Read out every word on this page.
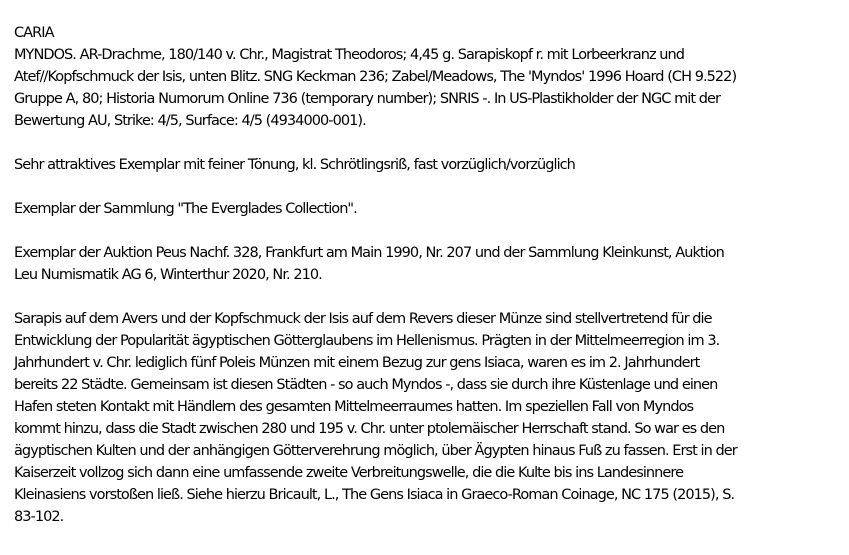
CARIA

MYNDOS. AR-Drachme, 180/140 v. Chr., Magistrat Theodoros; 4,45 g. Sarapiskopf r. mit Lorbeerkranz und
Atef//Kopfschmuck der Isis, unten Blitz. SNG Keckman 236; Zabel/Meadows, The 'Myndos' 1996 Hoard (CH 9.522)
Gruppe A, 80; Historia Numorum Online 736 (temporary number); SNRIS -. In US-Plastikholder der NGC mit der
Bewertung AU, Strike: 4/5, Surface: 4/5 (4934000-001).

Sehr attraktives Exemplar mit feiner Tönung, kl. Schrötlingsriß, fast vorzüglich/vorzüglich

Exemplar der Sammlung "The Everglades Collection".

Exemplar der Auktion Peus Nachf. 328, Frankfurt am Main 1990, Nr. 207 und der Sammlung Kleinkunst, Auktion
Leu Numismatik AG 6, Winterthur 2020, Nr. 210.

Sarapis auf dem Avers und der Kopfschmuck der Isis auf dem Revers dieser Münze sind stellvertretend für die
Entwicklung der Popularität ägyptischen Götterglaubens im Hellenismus. Prägten in der Mittelmeerregion im 3.
Jahrhundert v. Chr. lediglich fünf Poleis Münzen mit einem Bezug zur gens Isiaca, waren es im 2. Jahrhundert
bereits 22 Städte. Gemeinsam ist diesen Städten - so auch Myndos -, dass sie durch ihre Küstenlage und einen
Hafen steten Kontakt mit Händlern des gesamten Mittelmeerraumes hatten. Im speziellen Fall von Myndos
kommt hinzu, dass die Stadt zwischen 280 und 195 v. Chr. unter ptolemäischer Herrschaft stand. So war es den
ägyptischen Kulten und der anhängigen Götterverehrung möglich, über Ägypten hinaus Fuß zu fassen. Erst in der
Kaiserzeit vollzog sich dann eine umfassende zweite Verbreitungswelle, die die Kulte bis ins Landesinnere
Kleinasiens vorstoßen ließ. Siehe hierzu Bricault, L., The Gens Isiaca in Graeco-Roman Coinage, NC 175 (2015), S.
83-102.
